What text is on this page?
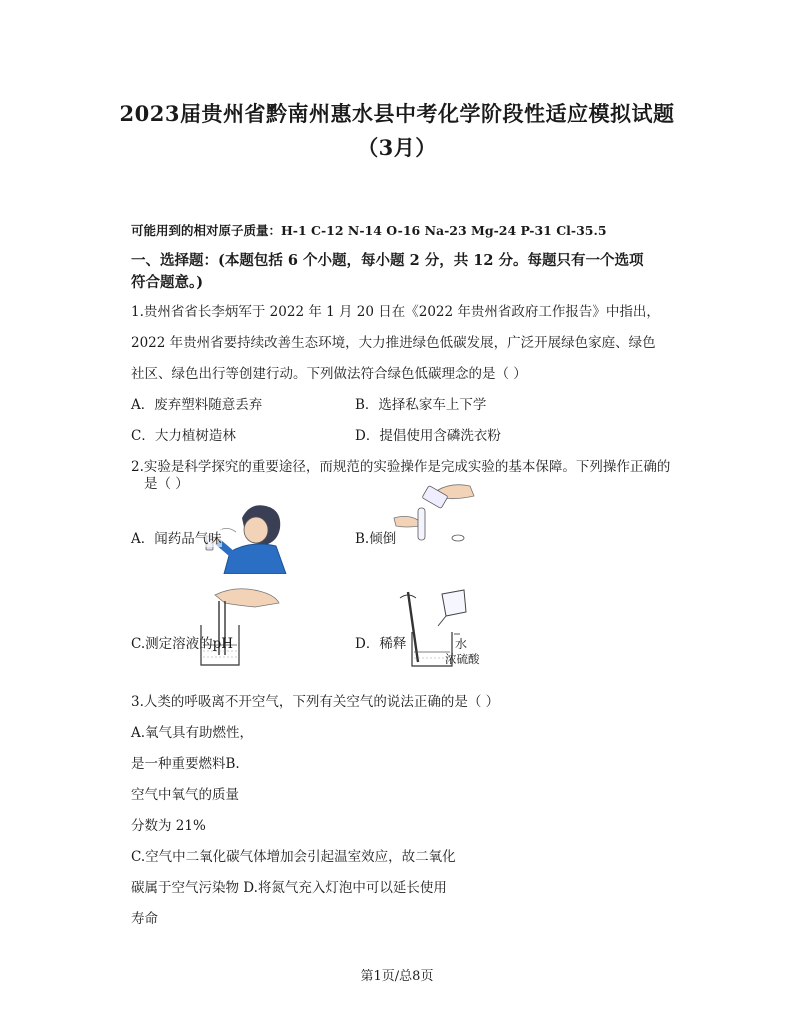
2023届贵州省黔南州惠水县中考化学阶段性适应模拟试题
（3月）
可能用到的相对原子质量：H-1 C-12 N-14 O-16 Na-23 Mg-24 P-31 Cl-35.5
一、选择题：(本题包括 6 个小题，每小题 2 分，共 12 分。每题只有一个选项
符合题意。)
1.贵州省省长李炳军于 2022 年 1 月 20 日在《2022 年贵州省政府工作报告》中指出，
2022 年贵州省要持续改善生态环境，大力推进绿色低碳发展，广泛开展绿色家庭、绿色
社区、绿色出行等创建行动。下列做法符合绿色低碳理念的是（ ）
A．废弃塑料随意丢弃	B．选择私家车上下学
C．大力植树造林	D．提倡使用含磷洗衣粉
2.实验是科学探究的重要途径，而规范的实验操作是完成实验的基本保障。下列操作正确的
是（ ）
A．闻药品气味	B.倾倒
C.测定溶液的pH	水
浓硫酸
D．稀释
3.人类的呼吸离不开空气，下列有关空气的说法正确的是（ ）
A.氧气具有助燃性，
是一种重要燃料B.
空气中氧气的质量
分数为 21%
C.空气中二氧化碳气体增加会引起温室效应，故二氧化
碳属于空气污染物 D.将氮气充入灯泡中可以延长使用
寿命
第1页/总8页
